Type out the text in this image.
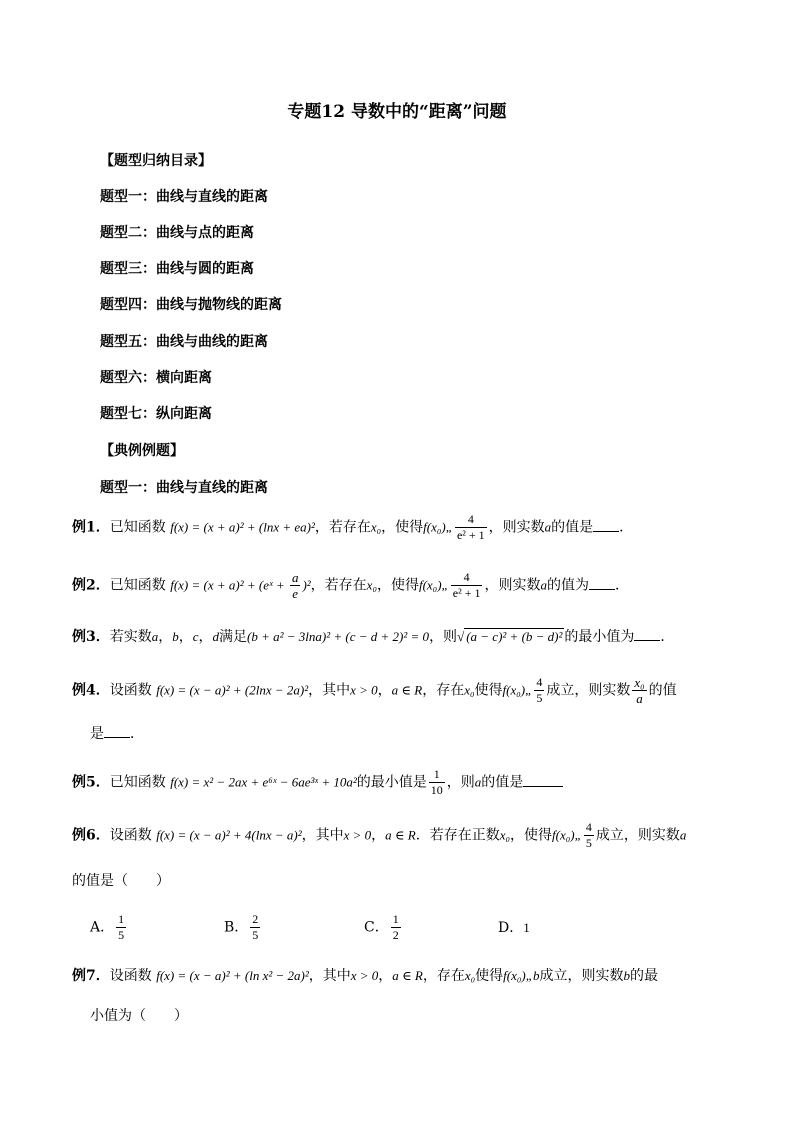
专题12 导数中的“距离”问题
【题型归纳目录】
题型一：曲线与直线的距离
题型二：曲线与点的距离
题型三：曲线与圆的距离
题型四：曲线与抛物线的距离
题型五：曲线与曲线的距离
题型六：横向距离
题型七：纵向距离
【典例例题】
题型一：曲线与直线的距离
例1．已知函数 f(x) = (x + a)² + (lnx + ea)²，若存在x₀，使得f(x₀)„ $\frac{4}{\text{e² + 1}}$ ，则实数a的值是 ．
例2．已知函数 f(x) = (x + a)² + (eˣ + $\frac{a}{e} )^2$，若存在x₀，使得f(x₀)„ $\frac{4}{\text{e² + 1}}$ ，则实数a的值为 ．
例3．若实数a，b，c，d满足(b + a² − 3lna)² + (c − d + 2)² = 0，则√ (a − c)² + (b − d)² 的最小值为 ．
例4．设函数 f(x) = (x − a)² + (2lnx − 2a)²，其中x > 0，a ∈ R，存在x₀使得f(x₀)„ $\frac{4}{5}$ 成立，则实数 $\frac{\text{x₀}}{a}$ 的值
是 ．
例5．已知函数 f(x) = x² − 2ax + e⁶ˣ − 6ae³ˣ + 10a²的最小值是 $\frac{1}{10}$ ，则a的值是
例6．设函数 f(x) = (x − a)² + 4(lnx − a)²，其中x > 0，a ∈ R．若存在正数x₀，使得f(x₀)„ $\frac{4}{5}$ 成立，则实数a
的值是（　　）
A． $\frac{1}{5}$	B． $\frac{2}{5}$	C． $\frac{1}{2}$	D．1
例7．设函数 f(x) = (x − a)² + (ln x² − 2a)²，其中x > 0，a ∈ R，存在x₀使得f(x₀)„b成立，则实数b的最
小值为（　　）
